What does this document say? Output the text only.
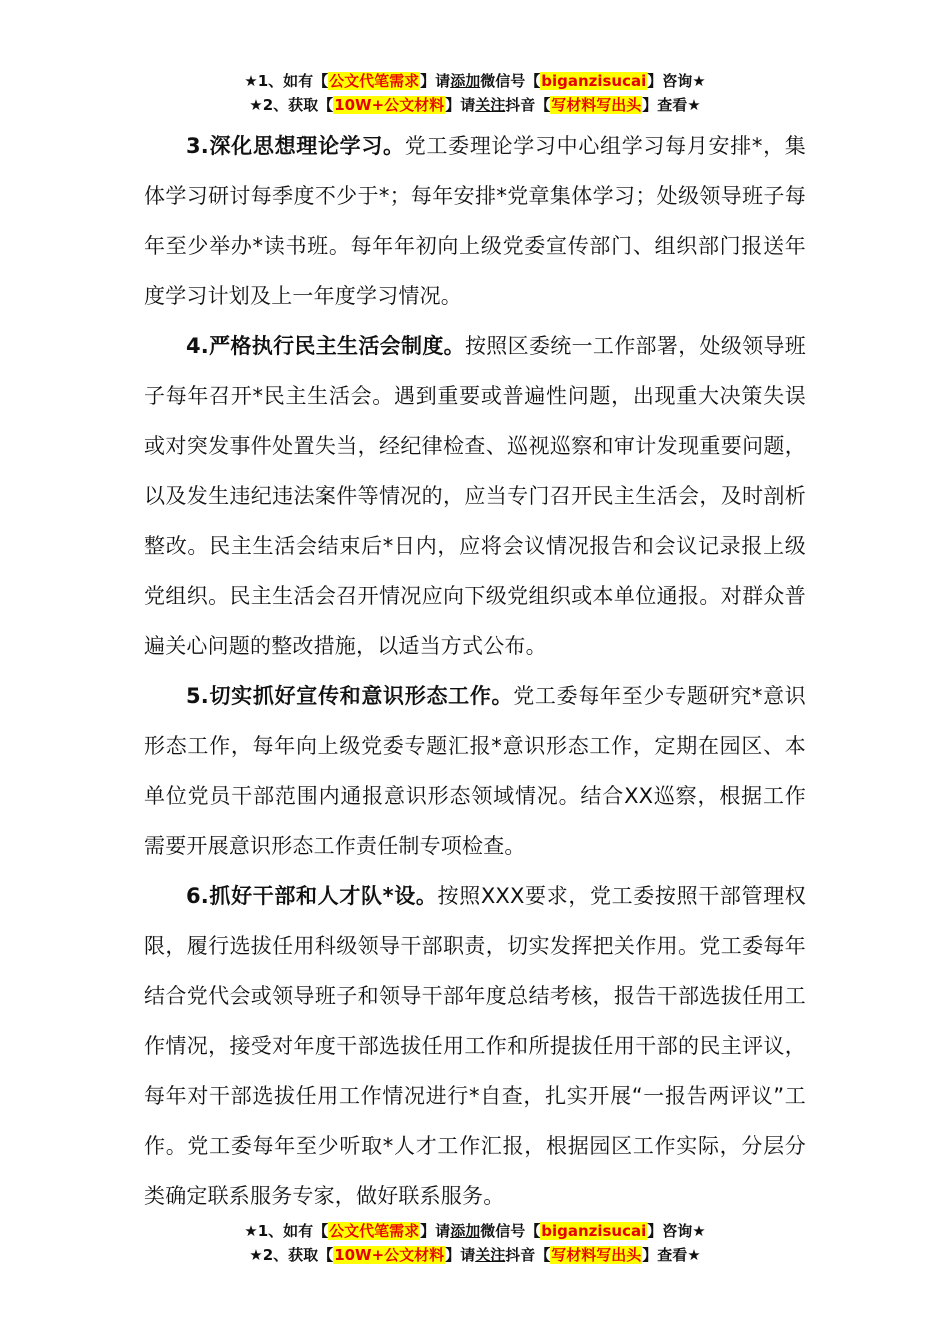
★1、如有【公文代笔需求】请添加微信号【biganzisucai】咨询★
★2、获取【10W+公文材料】请关注抖音【写材料写出头】查看★

3.深化思想理论学习。党工委理论学习中心组学习每月安排*，集体学习研讨每季度不少于*；每年安排*党章集体学习；处级领导班子每年至少举办*读书班。每年年初向上级党委宣传部门、组织部门报送年度学习计划及上一年度学习情况。

4.严格执行民主生活会制度。按照区委统一工作部署，处级领导班子每年召开*民主生活会。遇到重要或普遍性问题，出现重大决策失误或对突发事件处置失当，经纪律检查、巡视巡察和审计发现重要问题，以及发生违纪违法案件等情况的，应当专门召开民主生活会，及时剖析整改。民主生活会结束后*日内，应将会议情况报告和会议记录报上级党组织。民主生活会召开情况应向下级党组织或本单位通报。对群众普遍关心问题的整改措施，以适当方式公布。

5.切实抓好宣传和意识形态工作。党工委每年至少专题研究*意识形态工作，每年向上级党委专题汇报*意识形态工作，定期在园区、本单位党员干部范围内通报意识形态领域情况。结合XX巡察，根据工作需要开展意识形态工作责任制专项检查。

6.抓好干部和人才队*设。按照XXX要求，党工委按照干部管理权限，履行选拔任用科级领导干部职责，切实发挥把关作用。党工委每年结合党代会或领导班子和领导干部年度总结考核，报告干部选拔任用工作情况，接受对年度干部选拔任用工作和所提拔任用干部的民主评议，每年对干部选拔任用工作情况进行*自查，扎实开展“一报告两评议”工作。党工委每年至少听取*人才工作汇报，根据园区工作实际，分层分类确定联系服务专家，做好联系服务。

★1、如有【公文代笔需求】请添加微信号【biganzisucai】咨询★
★2、获取【10W+公文材料】请关注抖音【写材料写出头】查看★
